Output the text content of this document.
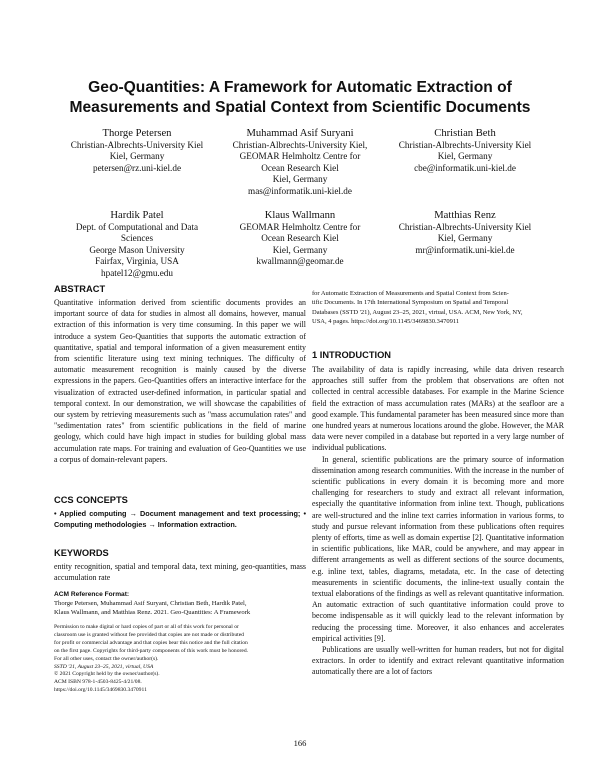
Geo-Quantities: A Framework for Automatic Extraction of
Measurements and Spatial Context from Scientific Documents
Thorge Petersen
Christian-Albrechts-University Kiel
Kiel, Germany
petersen@rz.uni-kiel.de
Muhammad Asif Suryani
Christian-Albrechts-University Kiel,
GEOMAR Helmholtz Centre for
Ocean Research Kiel
Kiel, Germany
mas@informatik.uni-kiel.de
Christian Beth
Christian-Albrechts-University Kiel
Kiel, Germany
cbe@informatik.uni-kiel.de
Hardik Patel
Dept. of Computational and Data
Sciences
George Mason University
Fairfax, Virginia, USA
hpatel12@gmu.edu
Klaus Wallmann
GEOMAR Helmholtz Centre for
Ocean Research Kiel
Kiel, Germany
kwallmann@geomar.de
Matthias Renz
Christian-Albrechts-University Kiel
Kiel, Germany
mr@informatik.uni-kiel.de
ABSTRACT

Quantitative information derived from scientific documents provides an important source of data for studies in almost all domains, however, manual extraction of this information is very time consuming. In this paper we will introduce a system Geo-Quantities that supports the automatic extraction of quantitative, spatial and temporal information of a given measurement entity from scientific literature using text mining techniques. The difficulty of automatic measurement recognition is mainly caused by the diverse expressions in the papers. Geo-Quantities offers an interactive interface for the visualization of extracted user-defined information, in particular spatial and temporal context. In our demonstration, we will showcase the capabilities of our system by retrieving measurements such as "mass accumulation rates" and "sedimentation rates" from scientific publications in the field of marine geology, which could have high impact in studies for building global mass accumulation rate maps. For training and evaluation of Geo-Quantities we use a corpus of domain-relevant papers.

CCS CONCEPTS

• Applied computing → Document management and text processing; • Computing methodologies → Information extraction.

KEYWORDS

entity recognition, spatial and temporal data, text mining, geo-quantities, mass accumulation rate

ACM Reference Format:
Thorge Petersen, Muhammad Asif Suryani, Christian Beth, Hardik Patel,
Klaus Wallmann, and Matthias Renz. 2021. Geo-Quantities: A Framework
Permission to make digital or hard copies of part or all of this work for personal or
classroom use is granted without fee provided that copies are not made or distributed
for profit or commercial advantage and that copies bear this notice and the full citation
on the first page. Copyrights for third-party components of this work must be honored.
For all other uses, contact the owner/author(s).
SSTD '21, August 23–25, 2021, virtual, USA
© 2021 Copyright held by the owner/author(s).
ACM ISBN 978-1-4503-8425-4/21/08.
https://doi.org/10.1145/3469830.3470911
for Automatic Extraction of Measurements and Spatial Context from Scien-
tific Documents. In 17th International Symposium on Spatial and Temporal
Databases (SSTD '21), August 23–25, 2021, virtual, USA. ACM, New York, NY,
USA, 4 pages. https://doi.org/10.1145/3469830.3470911
1 INTRODUCTION

The availability of data is rapidly increasing, while data driven research approaches still suffer from the problem that observations are often not collected in central accessible databases. For example in the Marine Science field the extraction of mass accumulation rates (MARs) at the seafloor are a good example. This fundamental parameter has been measured since more than one hundred years at numerous locations around the globe. However, the MAR data were never compiled in a database but reported in a very large number of individual publications.

In general, scientific publications are the primary source of information dissemination among research communities. With the increase in the number of scientific publications in every domain it is becoming more and more challenging for researchers to study and extract all relevant information, especially the quantitative information from inline text. Though, publications are well-structured and the inline text carries information in various forms, to study and pursue relevant information from these publications often requires plenty of efforts, time as well as domain expertise [2]. Quantitative information in scientific publications, like MAR, could be anywhere, and may appear in different arrangements as well as different sections of the source documents, e.g. inline text, tables, diagrams, metadata, etc. In the case of detecting measurements in scientific documents, the inline-text usually contain the textual elaborations of the findings as well as relevant quantitative information. An automatic extraction of such quantitative information could prove to become indispensable as it will quickly lead to the relevant information by reducing the processing time. Moreover, it also enhances and accelerates empirical activities [9].

Publications are usually well-written for human readers, but not for digital extractors. In order to identify and extract relevant quantitative information automatically there are a lot of factors

166
